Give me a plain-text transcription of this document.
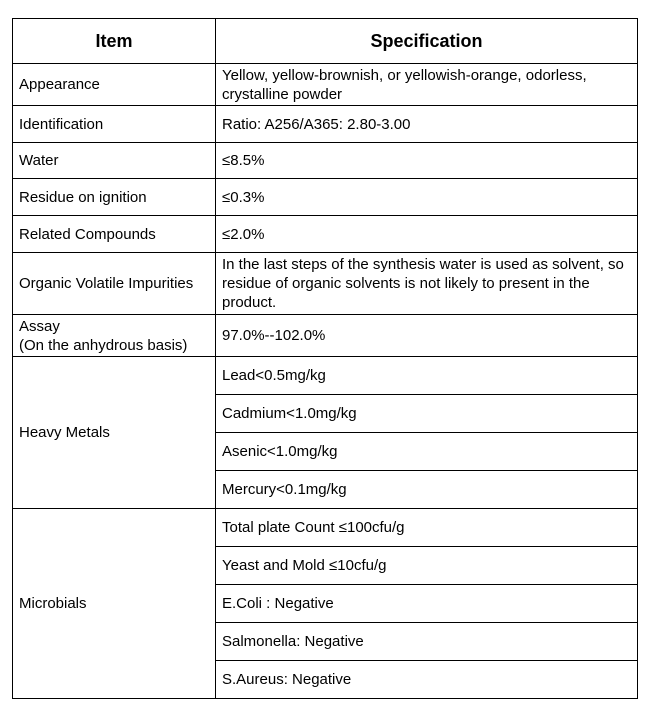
Item	Specification
Appearance	Yellow, yellow-brownish, or yellowish-orange, odorless, crystalline powder
Identification	Ratio: A256/A365: 2.80-3.00
Water	≤8.5%
Residue on ignition	≤0.3%
Related Compounds	≤2.0%
Organic Volatile Impurities	In the last steps of the synthesis water is used as solvent, so residue of organic solvents is not likely to present in the product.

Assay
(On the anhydrous basis)	97.0%--102.0%
Heavy Metals	Lead<0.5mg/kg
	Cadmium<1.0mg/kg
	Asenic<1.0mg/kg
	Mercury<0.1mg/kg
Microbials	Total plate Count ≤100cfu/g
	Yeast and Mold ≤10cfu/g
	E.Coli : Negative
	Salmonella: Negative
	S.Aureus: Negative
